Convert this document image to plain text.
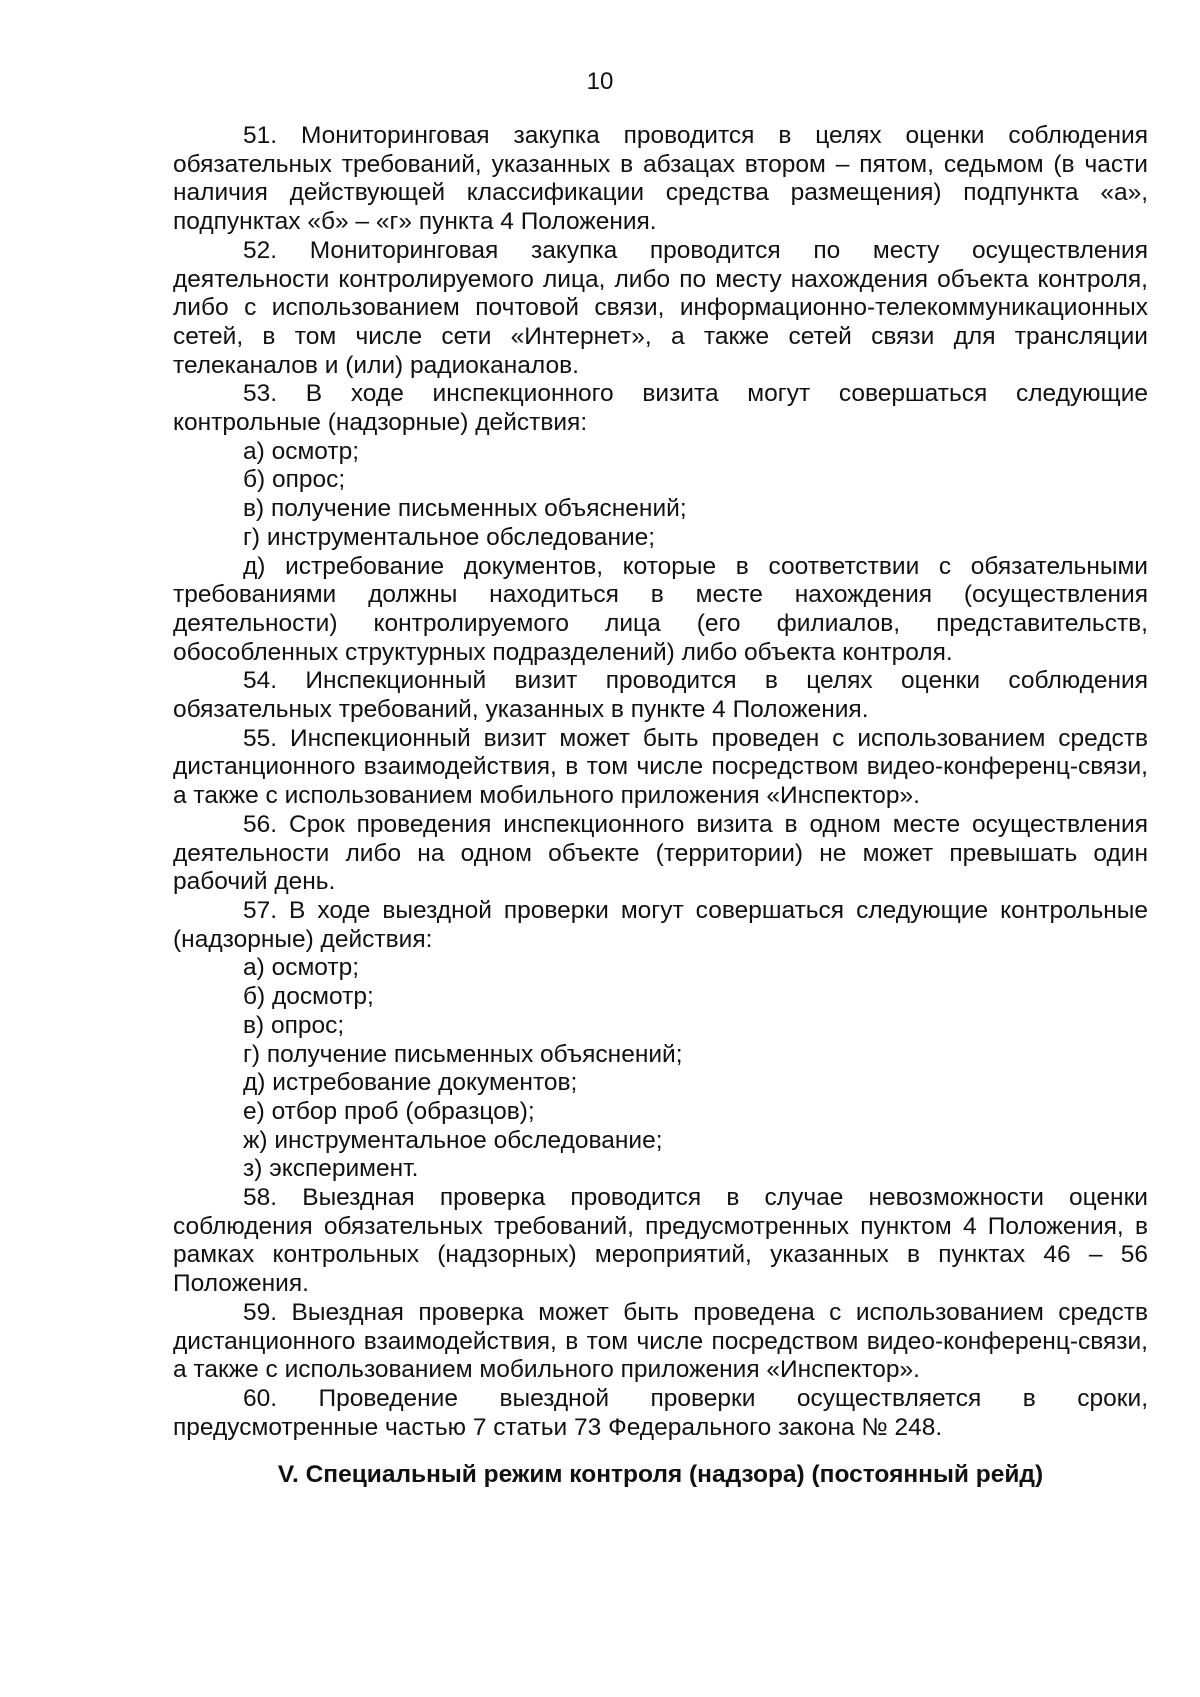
10

51. Мониторинговая закупка проводится в целях оценки соблюдения обязательных требований, указанных в абзацах втором – пятом, седьмом (в части наличия действующей классификации средства размещения) подпункта «а», подпунктах «б» – «г» пункта 4 Положения.

52. Мониторинговая закупка проводится по месту осуществления деятельности контролируемого лица, либо по месту нахождения объекта контроля, либо с использованием почтовой связи, информационно-телекоммуникационных сетей, в том числе сети «Интернет», а также сетей связи для трансляции телеканалов и (или) радиоканалов.

53. В ходе инспекционного визита могут совершаться следующие контрольные (надзорные) действия:

а) осмотр;

б) опрос;

в) получение письменных объяснений;

г) инструментальное обследование;

д) истребование документов, которые в соответствии с обязательными требованиями должны находиться в месте нахождения (осуществления деятельности) контролируемого лица (его филиалов, представительств, обособленных структурных подразделений) либо объекта контроля.

54. Инспекционный визит проводится в целях оценки соблюдения обязательных требований, указанных в пункте 4 Положения.

55. Инспекционный визит может быть проведен с использованием средств дистанционного взаимодействия, в том числе посредством видео-конференц-связи, а также с использованием мобильного приложения «Инспектор».

56. Срок проведения инспекционного визита в одном месте осуществления деятельности либо на одном объекте (территории) не может превышать один рабочий день.

57. В ходе выездной проверки могут совершаться следующие контрольные (надзорные) действия:

а) осмотр;

б) досмотр;

в) опрос;

г) получение письменных объяснений;

д) истребование документов;

е) отбор проб (образцов);

ж) инструментальное обследование;

з) эксперимент.

58. Выездная проверка проводится в случае невозможности оценки соблюдения обязательных требований, предусмотренных пунктом 4 Положения, в рамках контрольных (надзорных) мероприятий, указанных в пунктах 46 – 56 Положения.

59. Выездная проверка может быть проведена с использованием средств дистанционного взаимодействия, в том числе посредством видео-конференц-связи, а также с использованием мобильного приложения «Инспектор».

60. Проведение выездной проверки осуществляется в сроки, предусмотренные частью 7 статьи 73 Федерального закона № 248.

V. Специальный режим контроля (надзора) (постоянный рейд)
